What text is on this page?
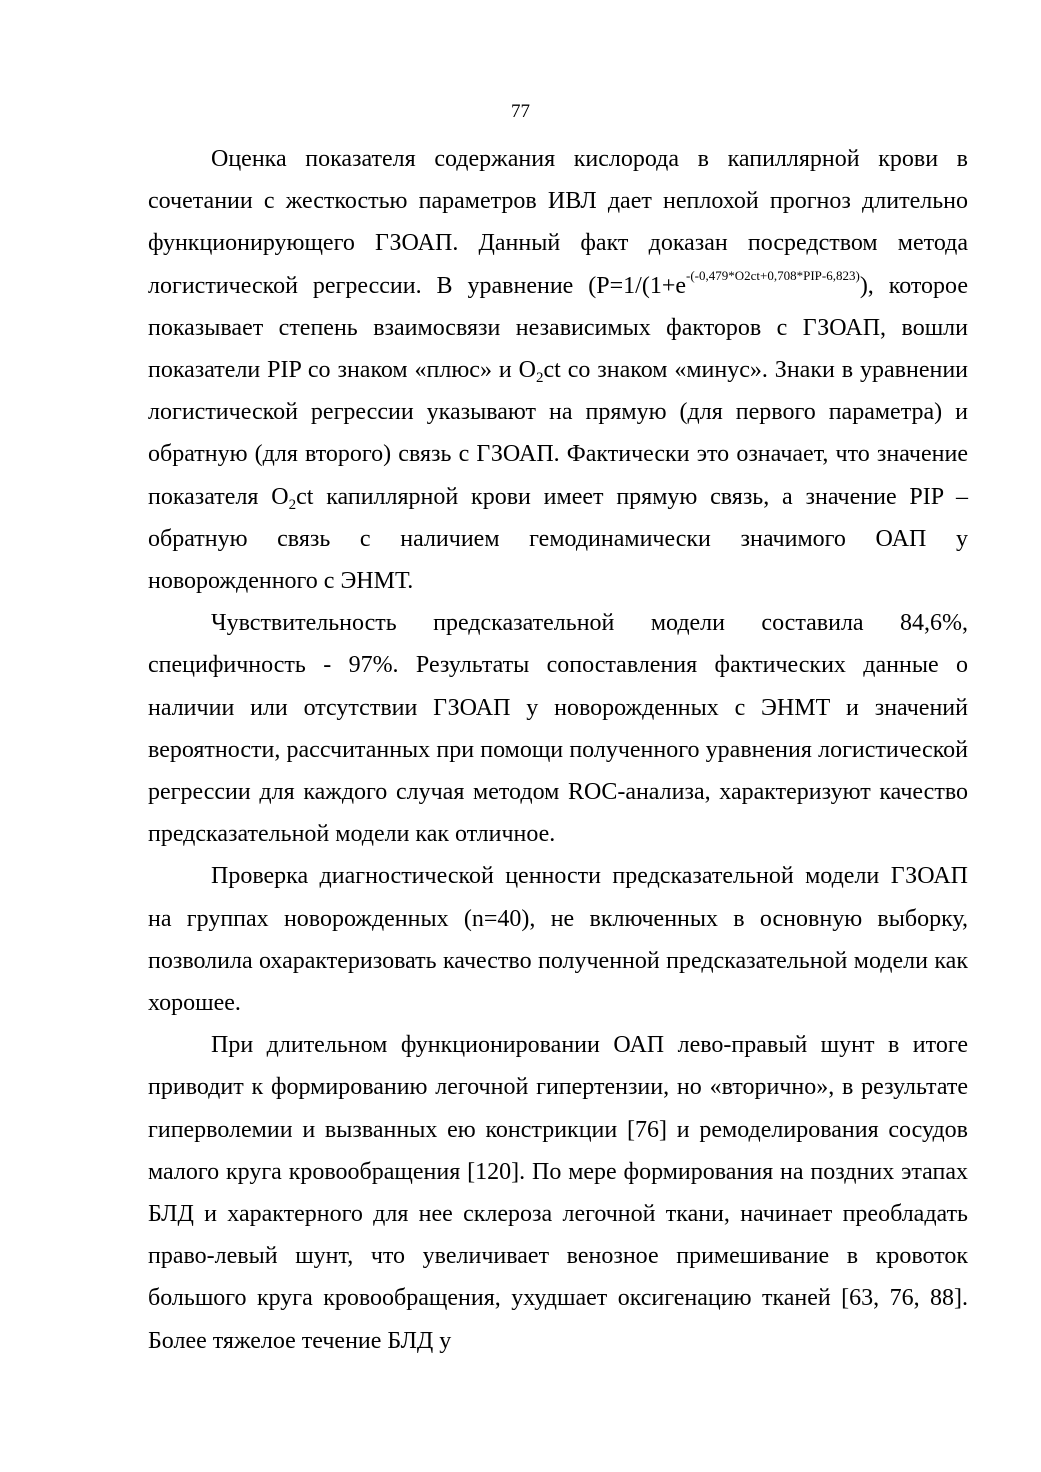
77

Оценка показателя содержания кислорода в капиллярной крови в сочетании с жесткостью параметров ИВЛ дает неплохой прогноз длительно функционирующего ГЗОАП. Данный факт доказан посредством метода логистической регрессии. В уравнение ($P=1/(1+e^{-(-0,479*O2ct+0,708*PIP-6,823)})$, которое показывает степень взаимосвязи независимых факторов с ГЗОАП, вошли показатели PIP со знаком «плюс» и $O_2ct$ со знаком «минус». Знаки в уравнении логистической регрессии указывают на прямую (для первого параметра) и обратную (для второго) связь с ГЗОАП. Фактически это означает, что значение показателя $O_2ct$ капиллярной крови имеет прямую связь, а значение PIP – обратную связь с наличием гемодинамически значимого ОАП у новорожденного с ЭНМТ.

Чувствительность предсказательной модели составила 84,6%, специфичность - 97%. Результаты сопоставления фактических данные о наличии или отсутствии ГЗОАП у новорожденных с ЭНМТ и значений вероятности, рассчитанных при помощи полученного уравнения логистической регрессии для каждого случая методом ROC-анализа, характеризуют качество предсказательной модели как отличное.

Проверка диагностической ценности предсказательной модели ГЗОАП на группах новорожденных (n=40), не включенных в основную выборку, позволила охарактеризовать качество полученной предсказательной модели как хорошее.

При длительном функционировании ОАП лево-правый шунт в итоге приводит к формированию легочной гипертензии, но «вторично», в результате гиперволемии и вызванных ею констрикции [76] и ремоделирования сосудов малого круга кровообращения [120]. По мере формирования на поздних этапах БЛД и характерного для нее склероза легочной ткани, начинает преобладать право-левый шунт, что увеличивает венозное примешивание в кровоток большого круга кровообращения, ухудшает оксигенацию тканей [63, 76, 88]. Более тяжелое течение БЛД у
